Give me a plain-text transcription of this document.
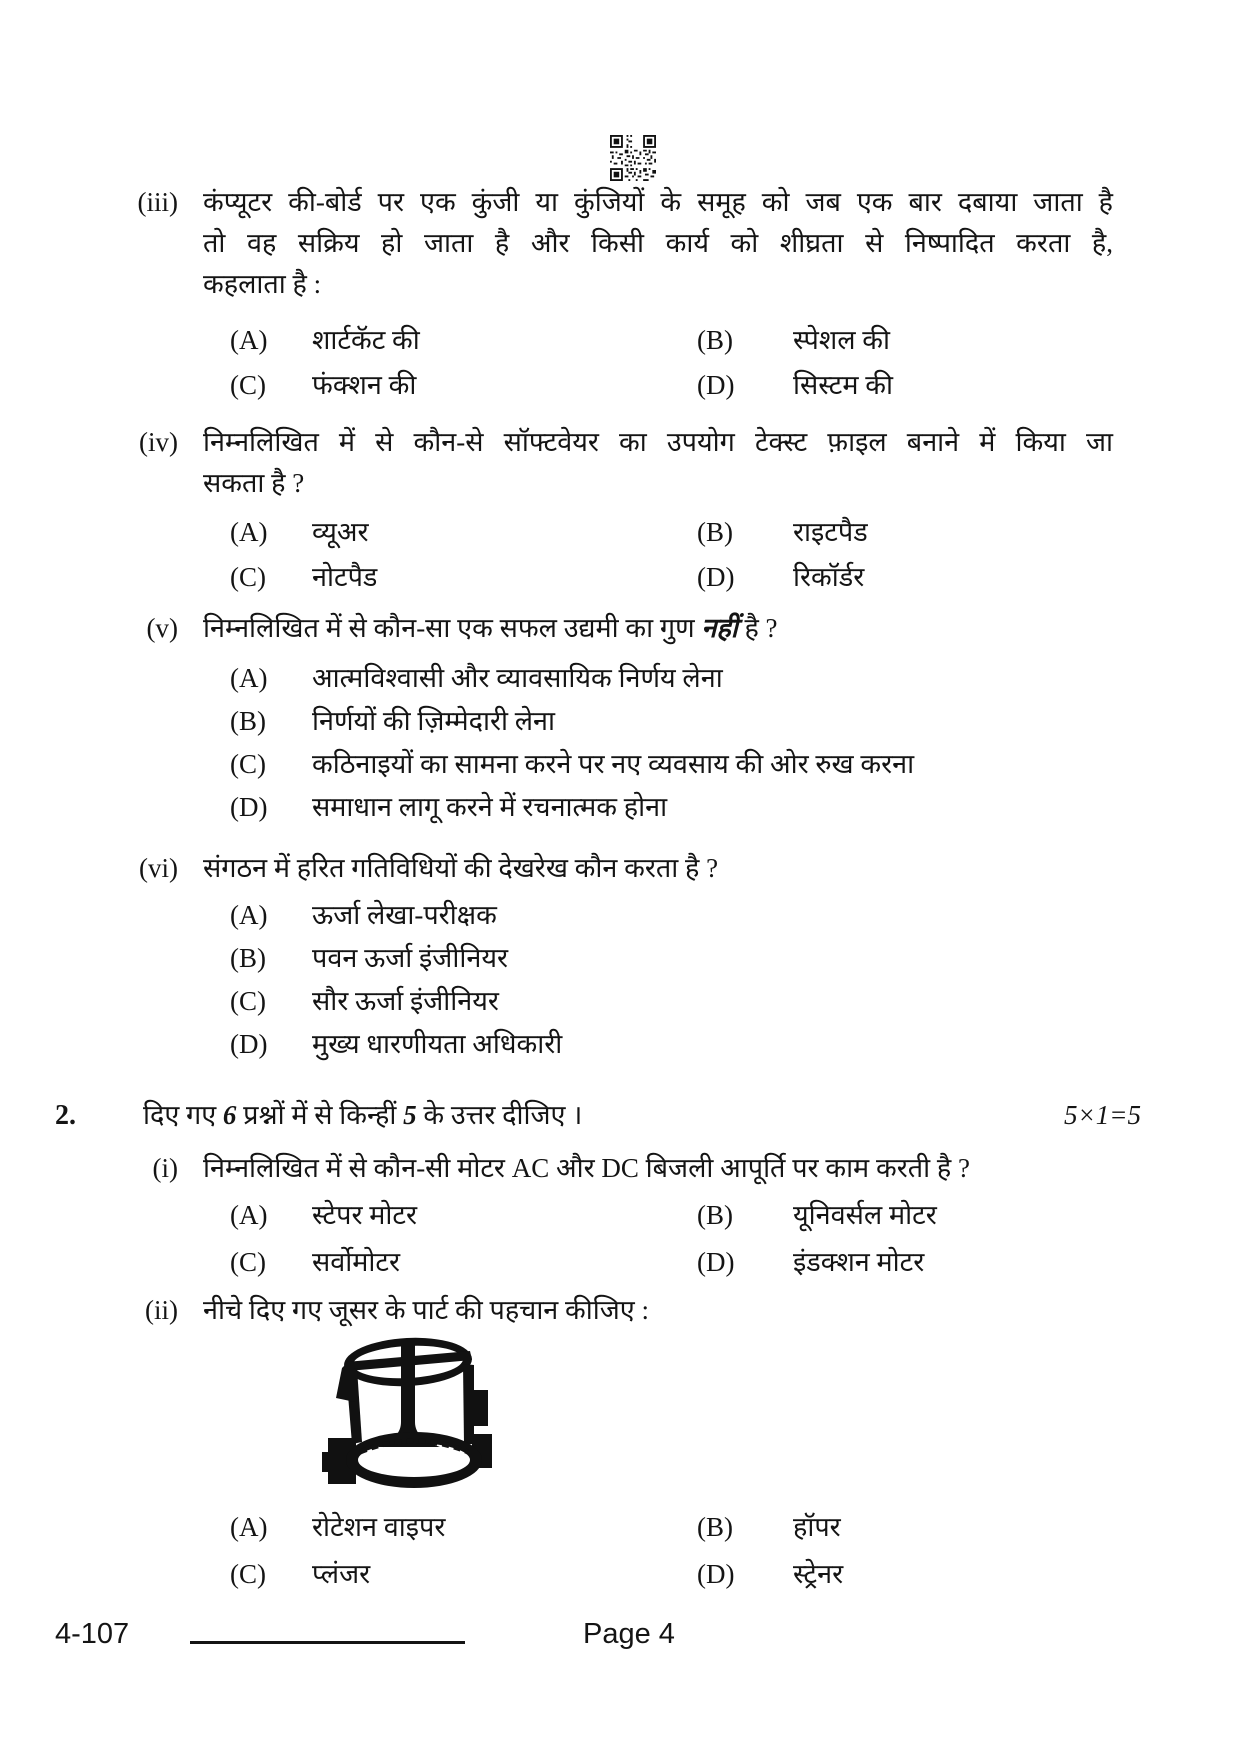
(iii) कंप्यूटर की-बोर्ड पर एक कुंजी या कुंजियों के समूह को जब एक बार दबाया जाता है
तो वह सक्रिय हो जाता है और किसी कार्य को शीघ्रता से निष्पादित करता है,
कहलाता है :
(A)	शार्टकॅट की	(B)	स्पेशल की
(C)	फंक्शन की	(D)	सिस्टम की
(iv) निम्नलिखित में से कौन-से सॉफ्टवेयर का उपयोग टेक्स्ट फ़ाइल बनाने में किया जा
सकता है ?
(A)	व्यूअर	(B)	राइटपैड
(C)	नोटपैड	(D)	रिकॉर्डर
(v) निम्नलिखित में से कौन-सा एक सफल उद्यमी का गुण नहीं है ?
(A)	आत्मविश्वासी और व्यावसायिक निर्णय लेना
(B)	निर्णयों की ज़िम्मेदारी लेना
(C)	कठिनाइयों का सामना करने पर नए व्यवसाय की ओर रुख करना
(D)	समाधान लागू करने में रचनात्मक होना
(vi) संगठन में हरित गतिविधियों की देखरेख कौन करता है ?
(A)	ऊर्जा लेखा-परीक्षक
(B)	पवन ऊर्जा इंजीनियर
(C)	सौर ऊर्जा इंजीनियर
(D)	मुख्य धारणीयता अधिकारी
2. दिए गए 6 प्रश्नों में से किन्हीं 5 के उत्तर दीजिए ।	5×1=5
(i) निम्नलिखित में से कौन-सी मोटर AC और DC बिजली आपूर्ति पर काम करती है ?
(A)	स्टेपर मोटर	(B)	यूनिवर्सल मोटर
(C)	सर्वोमोटर	(D)	इंडक्शन मोटर
(ii) नीचे दिए गए जूसर के पार्ट की पहचान कीजिए :
(A)	रोटेशन वाइपर	(B)	हॉपर
(C)	प्लंजर	(D)	स्ट्रेनर
4-107	Page 4
